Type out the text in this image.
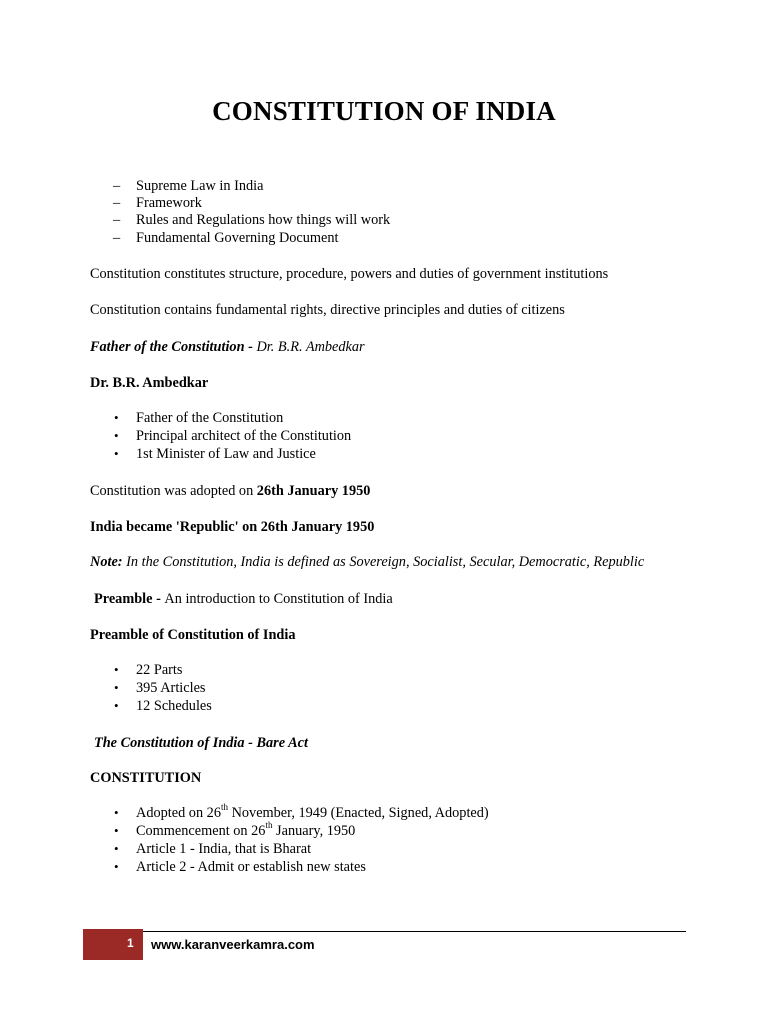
CONSTITUTION OF INDIA
– Supreme Law in India
– Framework
– Rules and Regulations how things will work
– Fundamental Governing Document
Constitution constitutes structure, procedure, powers and duties of government institutions
Constitution contains fundamental rights, directive principles and duties of citizens
Father of the Constitution - Dr. B.R. Ambedkar
Dr. B.R. Ambedkar
• Father of the Constitution
• Principal architect of the Constitution
• 1st Minister of Law and Justice
Constitution was adopted on 26th January 1950
India became 'Republic' on 26th January 1950
Note: In the Constitution, India is defined as Sovereign, Socialist, Secular, Democratic, Republic
Preamble - An introduction to Constitution of India
Preamble of Constitution of India
• 22 Parts
• 395 Articles
• 12 Schedules
The Constitution of India - Bare Act
CONSTITUTION
• Adopted on 26th November, 1949 (Enacted, Signed, Adopted)
• Commencement on 26th January, 1950
• Article 1 - India, that is Bharat
• Article 2 - Admit or establish new states
1 www.karanveerkamra.com
